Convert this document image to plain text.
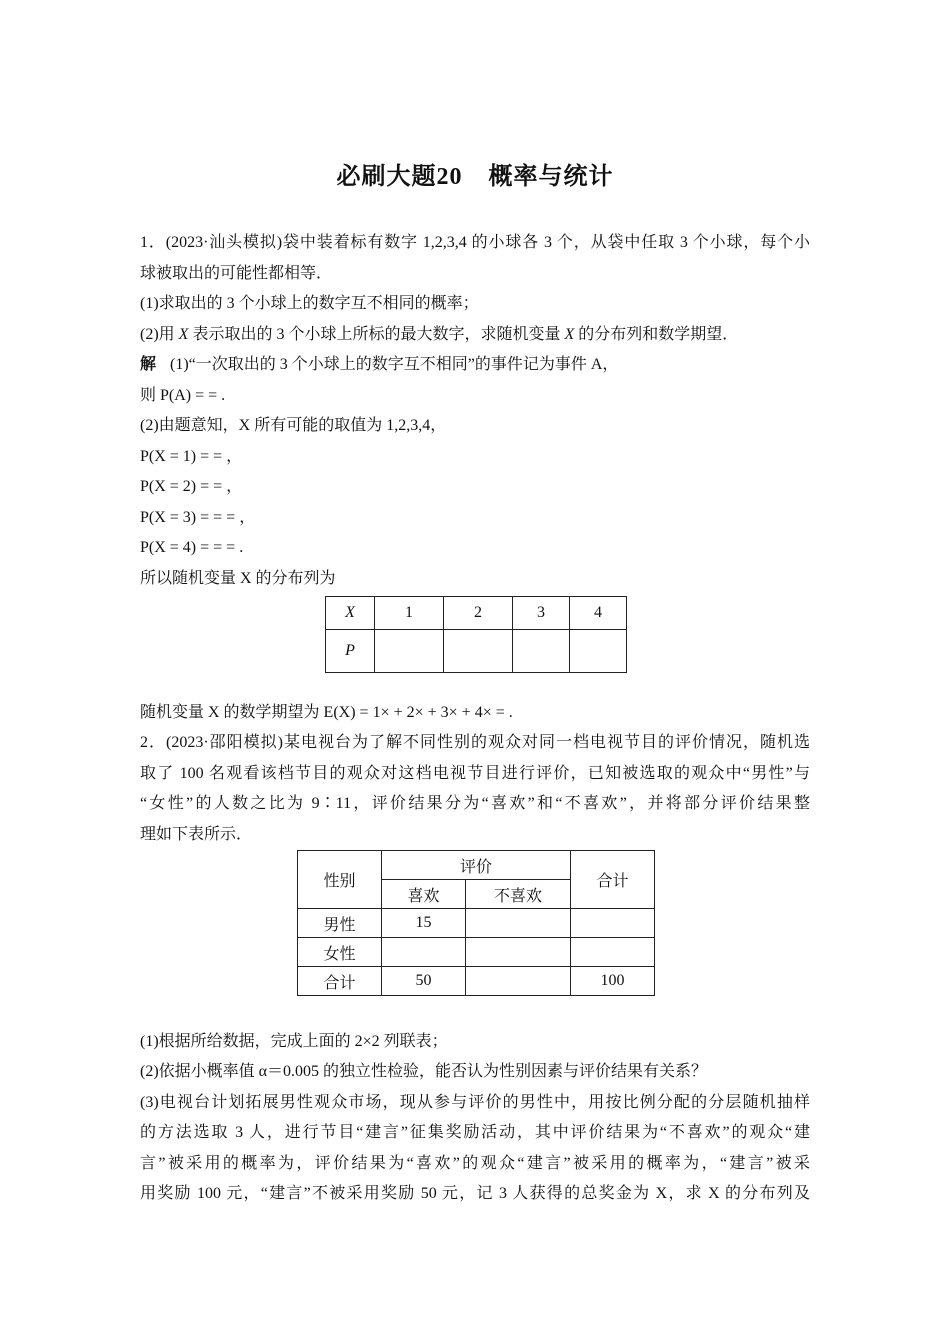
必刷大题20 概率与统计
1．(2023·汕头模拟)袋中装着标有数字 1,2,3,4 的小球各 3 个，从袋中任取 3 个小球，每个小
球被取出的可能性都相等．
(1)求取出的 3 个小球上的数字互不相同的概率；
(2)用 X 表示取出的 3 个小球上所标的最大数字，求随机变量 X 的分布列和数学期望．
解 (1)“一次取出的 3 个小球上的数字互不相同”的事件记为事件 A，
则 P(A) = = .
(2)由题意知，X 所有可能的取值为 1,2,3,4，
P(X = 1) = = ，
P(X = 2) = = ，
P(X = 3) = = = ，
P(X = 4) = = = .
所以随机变量 X 的分布列为
X	1	2	3	4
P				
随机变量 X 的数学期望为 E(X) = 1× + 2× + 3× + 4× = .
2．(2023·邵阳模拟)某电视台为了解不同性别的观众对同一档电视节目的评价情况，随机选
取了 100 名观看该档节目的观众对这档电视节目进行评价，已知被选取的观众中“男性”与
“女性”的人数之比为 9∶11，评价结果分为“喜欢”和“不喜欢”，并将部分评价结果整
理如下表所示．
性别	评价		合计
	喜欢	不喜欢	
男性	15		
女性			
合计	50		100
(1)根据所给数据，完成上面的 2×2 列联表；
(2)依据小概率值 α＝0.005 的独立性检验，能否认为性别因素与评价结果有关系？
(3)电视台计划拓展男性观众市场，现从参与评价的男性中，用按比例分配的分层随机抽样
的方法选取 3 人，进行节目“建言”征集奖励活动，其中评价结果为“不喜欢”的观众“建
言”被采用的概率为，评价结果为“喜欢”的观众“建言”被采用的概率为，“建言”被采
用奖励 100 元，“建言”不被采用奖励 50 元，记 3 人获得的总奖金为 X，求 X 的分布列及
